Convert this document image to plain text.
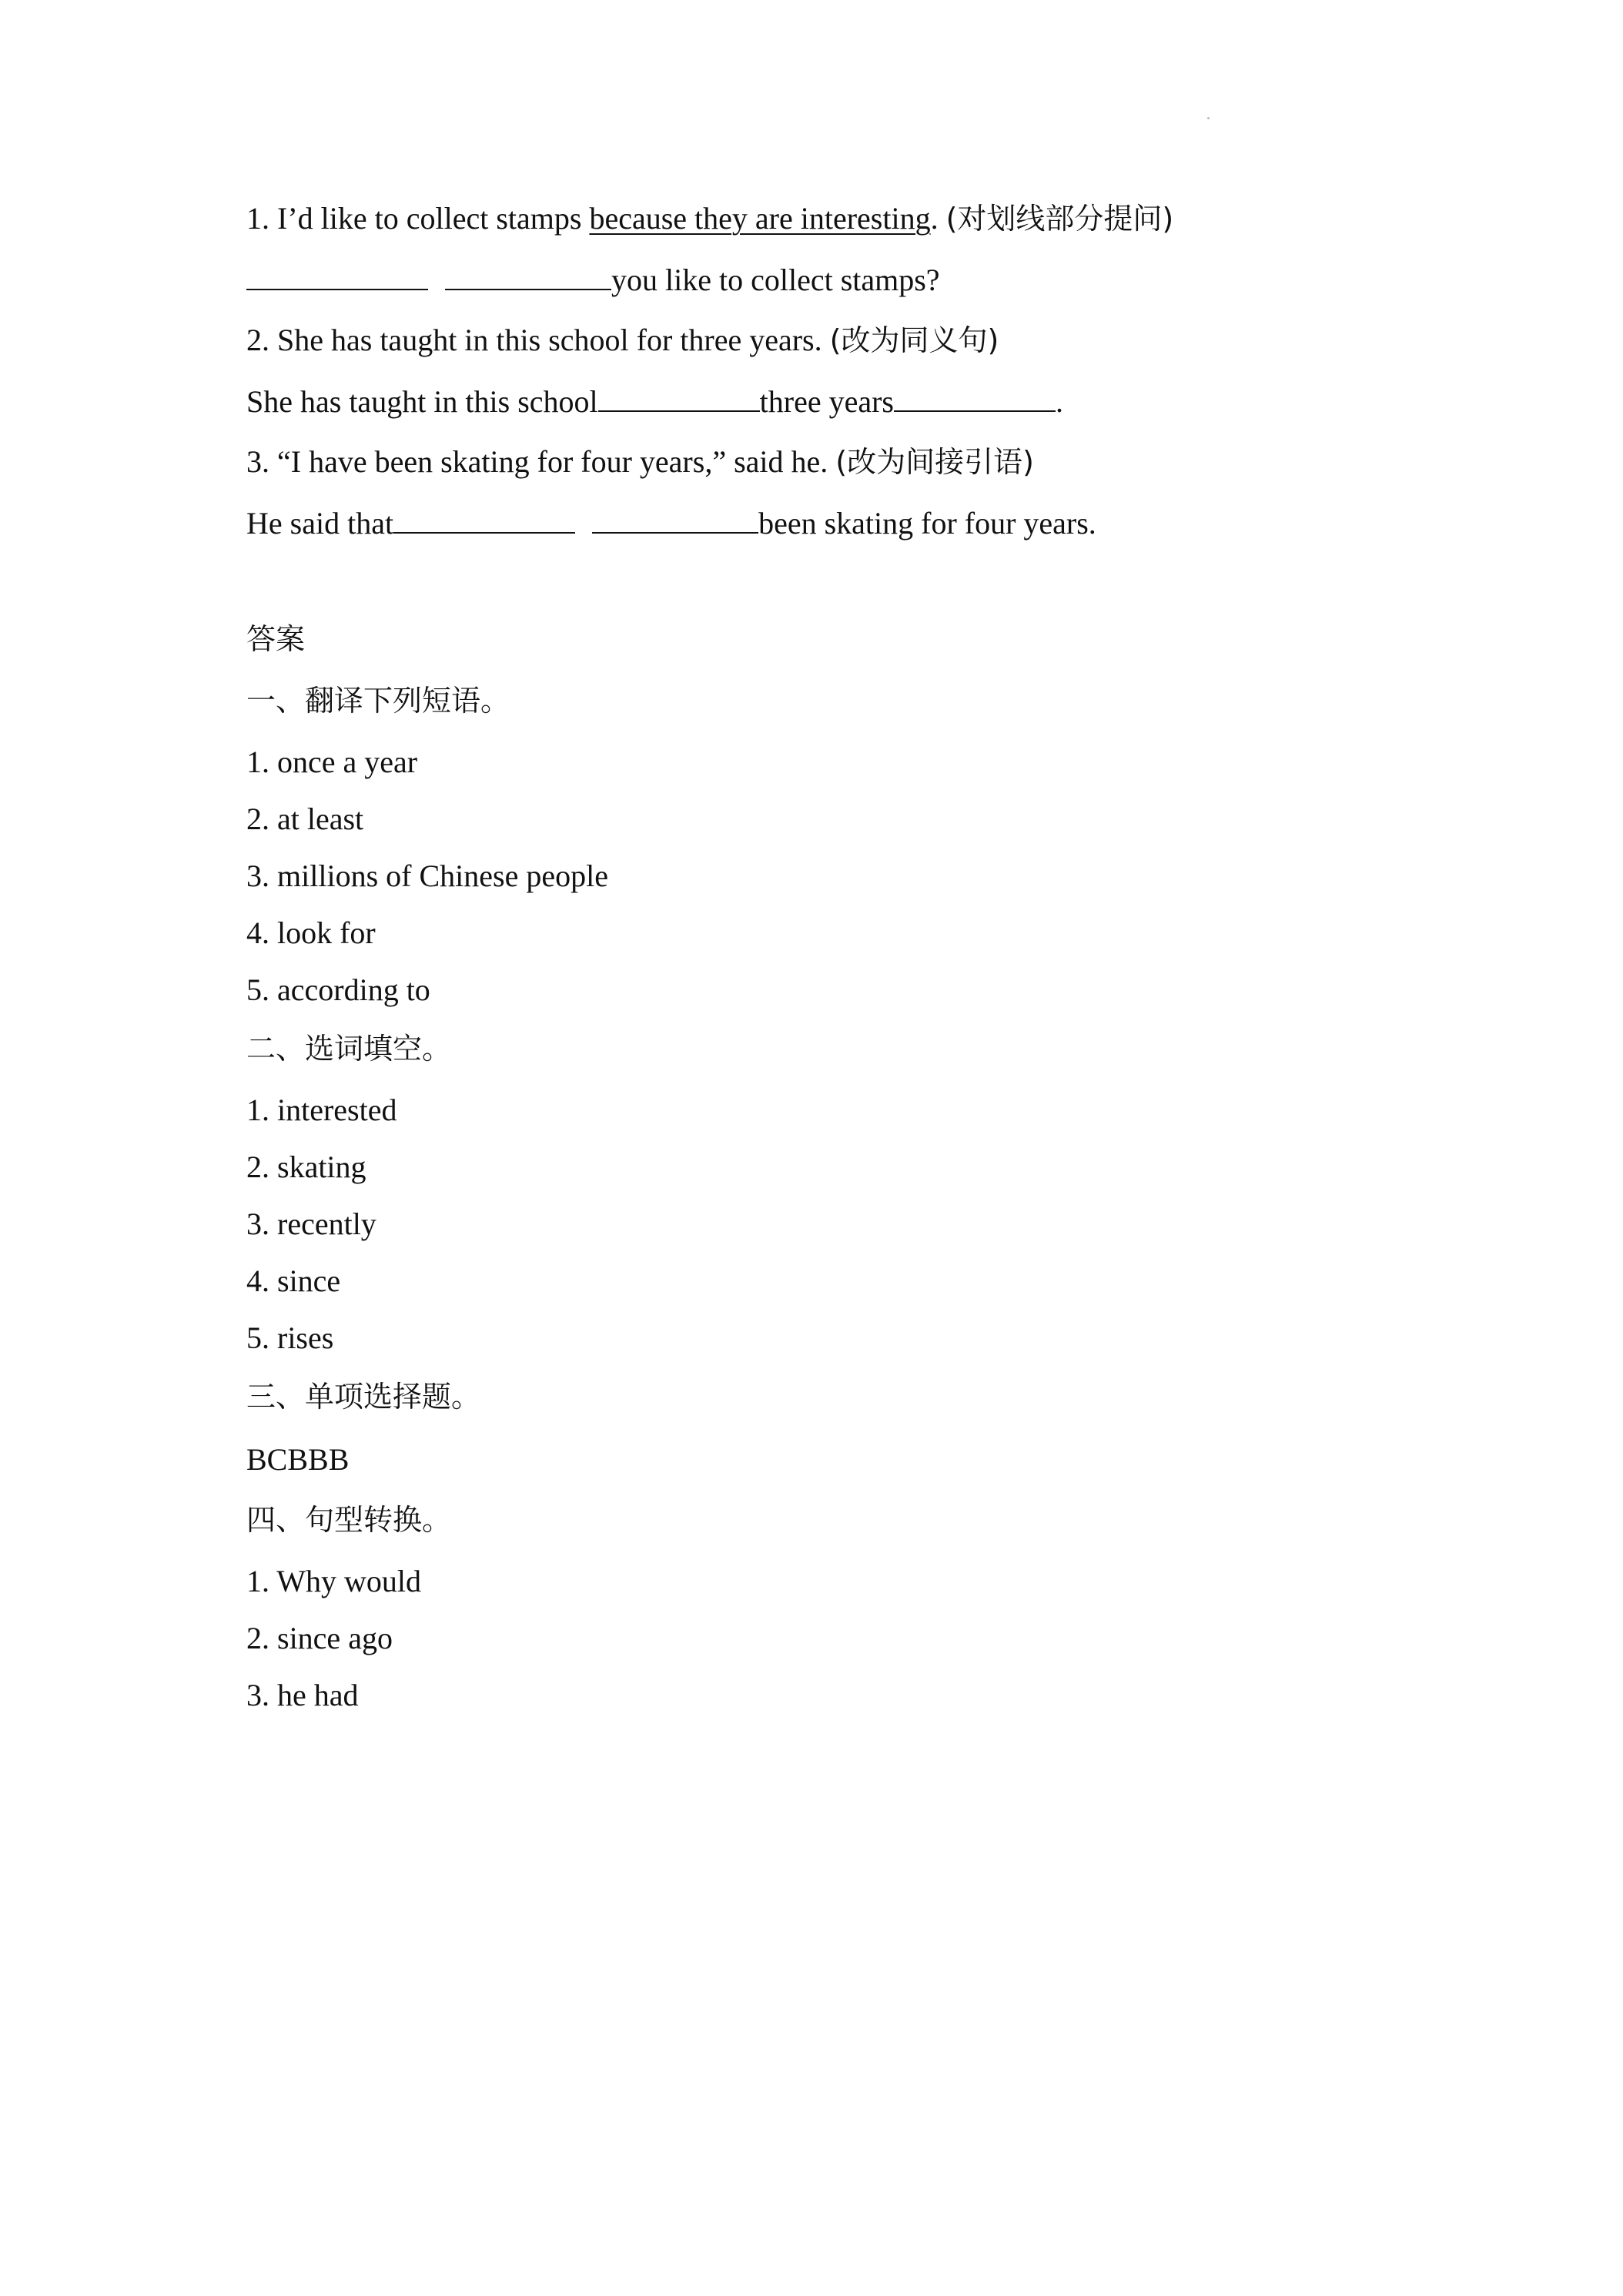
1. I’d like to collect stamps because they are interesting. (对划线部分提问)
you like to collect stamps?
2. She has taught in this school for three years. (改为同义句)
She has taught in this school	three years	.
3. “I have been skating for four years,” said he. (改为间接引语)
He said that	been skating for four years.
答案
一、翻译下列短语。
1. once a year
2. at least
3. millions of Chinese people
4. look for
5. according to
二、选词填空。
1. interested
2. skating
3. recently
4. since
5. rises
三、单项选择题。
BCBBB
四、句型转换。
1. Why would
2. since ago
3. he had
